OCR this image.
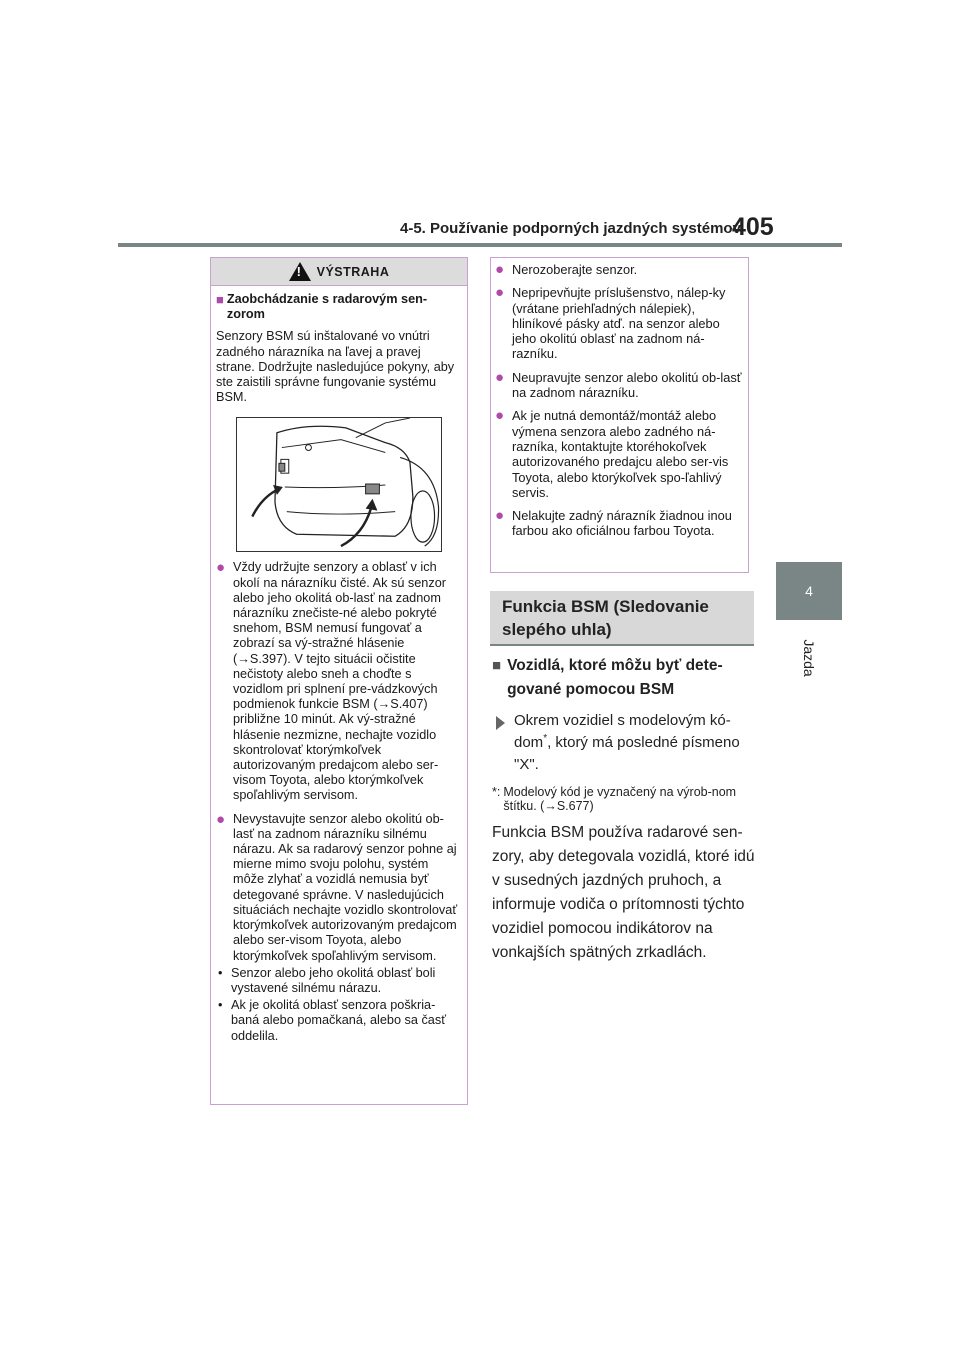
4-5. Používanie podporných jazdných systémov
405
4
Jazda
!
VÝSTRAHA
■ Zaobchádzanie s radarovým sen-zorom
Senzory BSM sú inštalované vo vnútri zadného nárazníka na ľavej a pravej strane. Dodržujte nasledujúce pokyny, aby ste zaistili správne fungovanie systému BSM.
● Vždy udržujte senzory a oblasť v ich okolí na nárazníku čisté. Ak sú senzor alebo jeho okolitá ob-lasť na zadnom nárazníku znečiste-né alebo pokryté snehom, BSM nemusí fungovať a zobrazí sa vý-stražné hlásenie (→S.397). V tejto situácii očistite nečistoty alebo sneh a choďte s vozidlom pri splnení pre-vádzkových podmienok funkcie BSM (→S.407) približne 10 minút. Ak vý-stražné hlásenie nezmizne, nechajte vozidlo skontrolovať ktorýmkoľvek autorizovaným predajcom alebo ser-visom Toyota, alebo ktorýmkoľvek spoľahlivým servisom.
● Nevystavujte senzor alebo okolitú ob-lasť na zadnom nárazníku silnému nárazu. Ak sa radarový senzor pohne aj mierne mimo svoju polohu, systém môže zlyhať a vozidlá nemusia byť detegované správne. V nasledujúcich situáciách nechajte vozidlo skontrolovať ktorýmkoľvek autorizovaným predajcom alebo ser-visom Toyota, alebo ktorýmkoľvek spoľahlivým servisom.
• Senzor alebo jeho okolitá oblasť boli vystavené silnému nárazu.
• Ak je okolitá oblasť senzora poškria-baná alebo pomačkaná, alebo sa časť oddelila.
● Nerozoberajte senzor.
● Nepripevňujte príslušenstvo, nálep-ky (vrátane priehľadných nálepiek), hliníkové pásky atď. na senzor alebo jeho okolitú oblasť na zadnom ná-razníku.
● Neupravujte senzor alebo okolitú ob-lasť na zadnom nárazníku.
● Ak je nutná demontáž/montáž alebo výmena senzora alebo zadného ná-razníka, kontaktujte ktoréhokoľvek autorizovaného predajcu alebo ser-vis Toyota, alebo ktorýkoľvek spo-ľahlivý servis.
● Nelakujte zadný nárazník žiadnou inou farbou ako oficiálnou farbou Toyota.
Funkcia BSM (Sledovanie slepého uhla)
■ Vozidlá, ktoré môžu byť dete-gované pomocou BSM
Okrem vozidiel s modelovým kó-dom*, ktorý má posledné písmeno "X".
*: Modelový kód je vyznačený na výrob-nom štítku. (→S.677)
Funkcia BSM používa radarové sen-zory, aby detegovala vozidlá, ktoré idú v susedných jazdných pruhoch, a informuje vodiča o prítomnosti týchto vozidiel pomocou indikátorov na vonkajších spätných zrkadlách.
